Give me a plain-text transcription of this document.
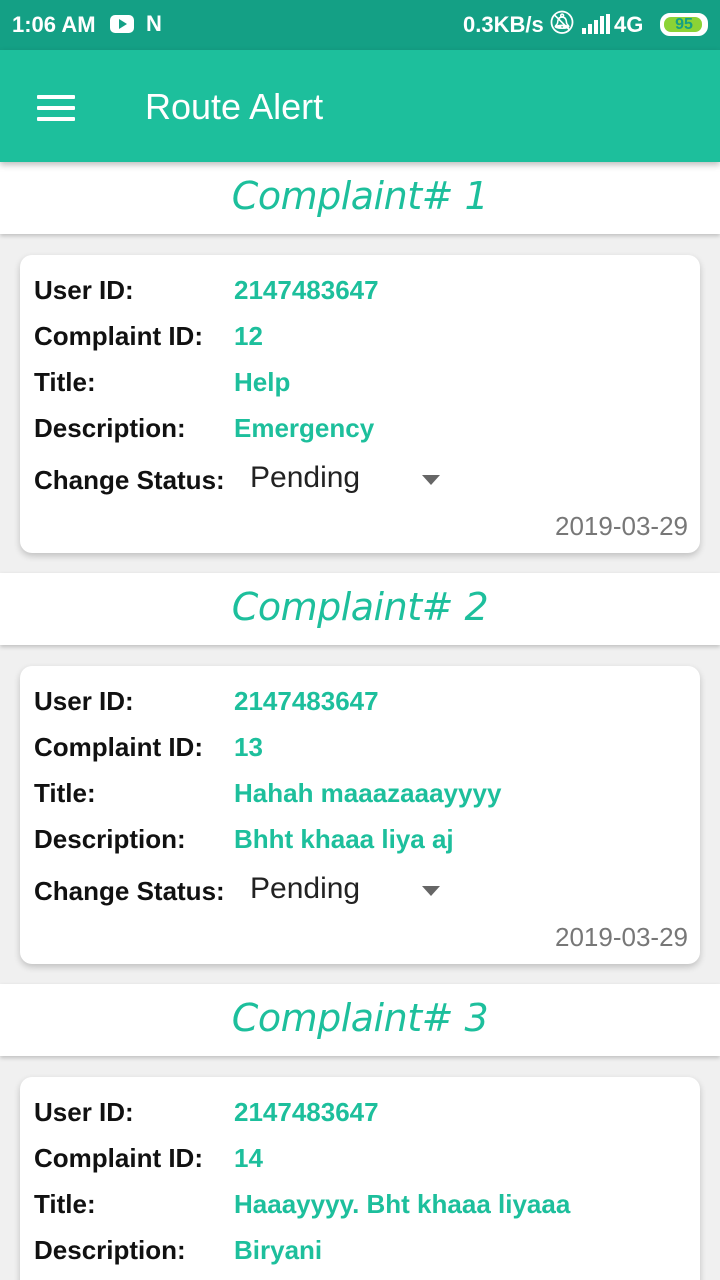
1:06 AM N	0.3KB/s 🔕︎ 4G	95
Route Alert
Complaint# 1
User ID:	2147483647
Complaint ID: 12
Title:	Help
Description: Emergency
Change Status: Pending
2019-03-29
Complaint# 2
User ID:	2147483647
Complaint ID: 13
Title:	Hahah maaazaaayyyy
Description: Bhht khaaa liya aj
Change Status: Pending
2019-03-29
Complaint# 3
User ID:	2147483647
Complaint ID: 14
Title:	Haaayyyy. Bht khaaa liyaaa
Description: Biryani
